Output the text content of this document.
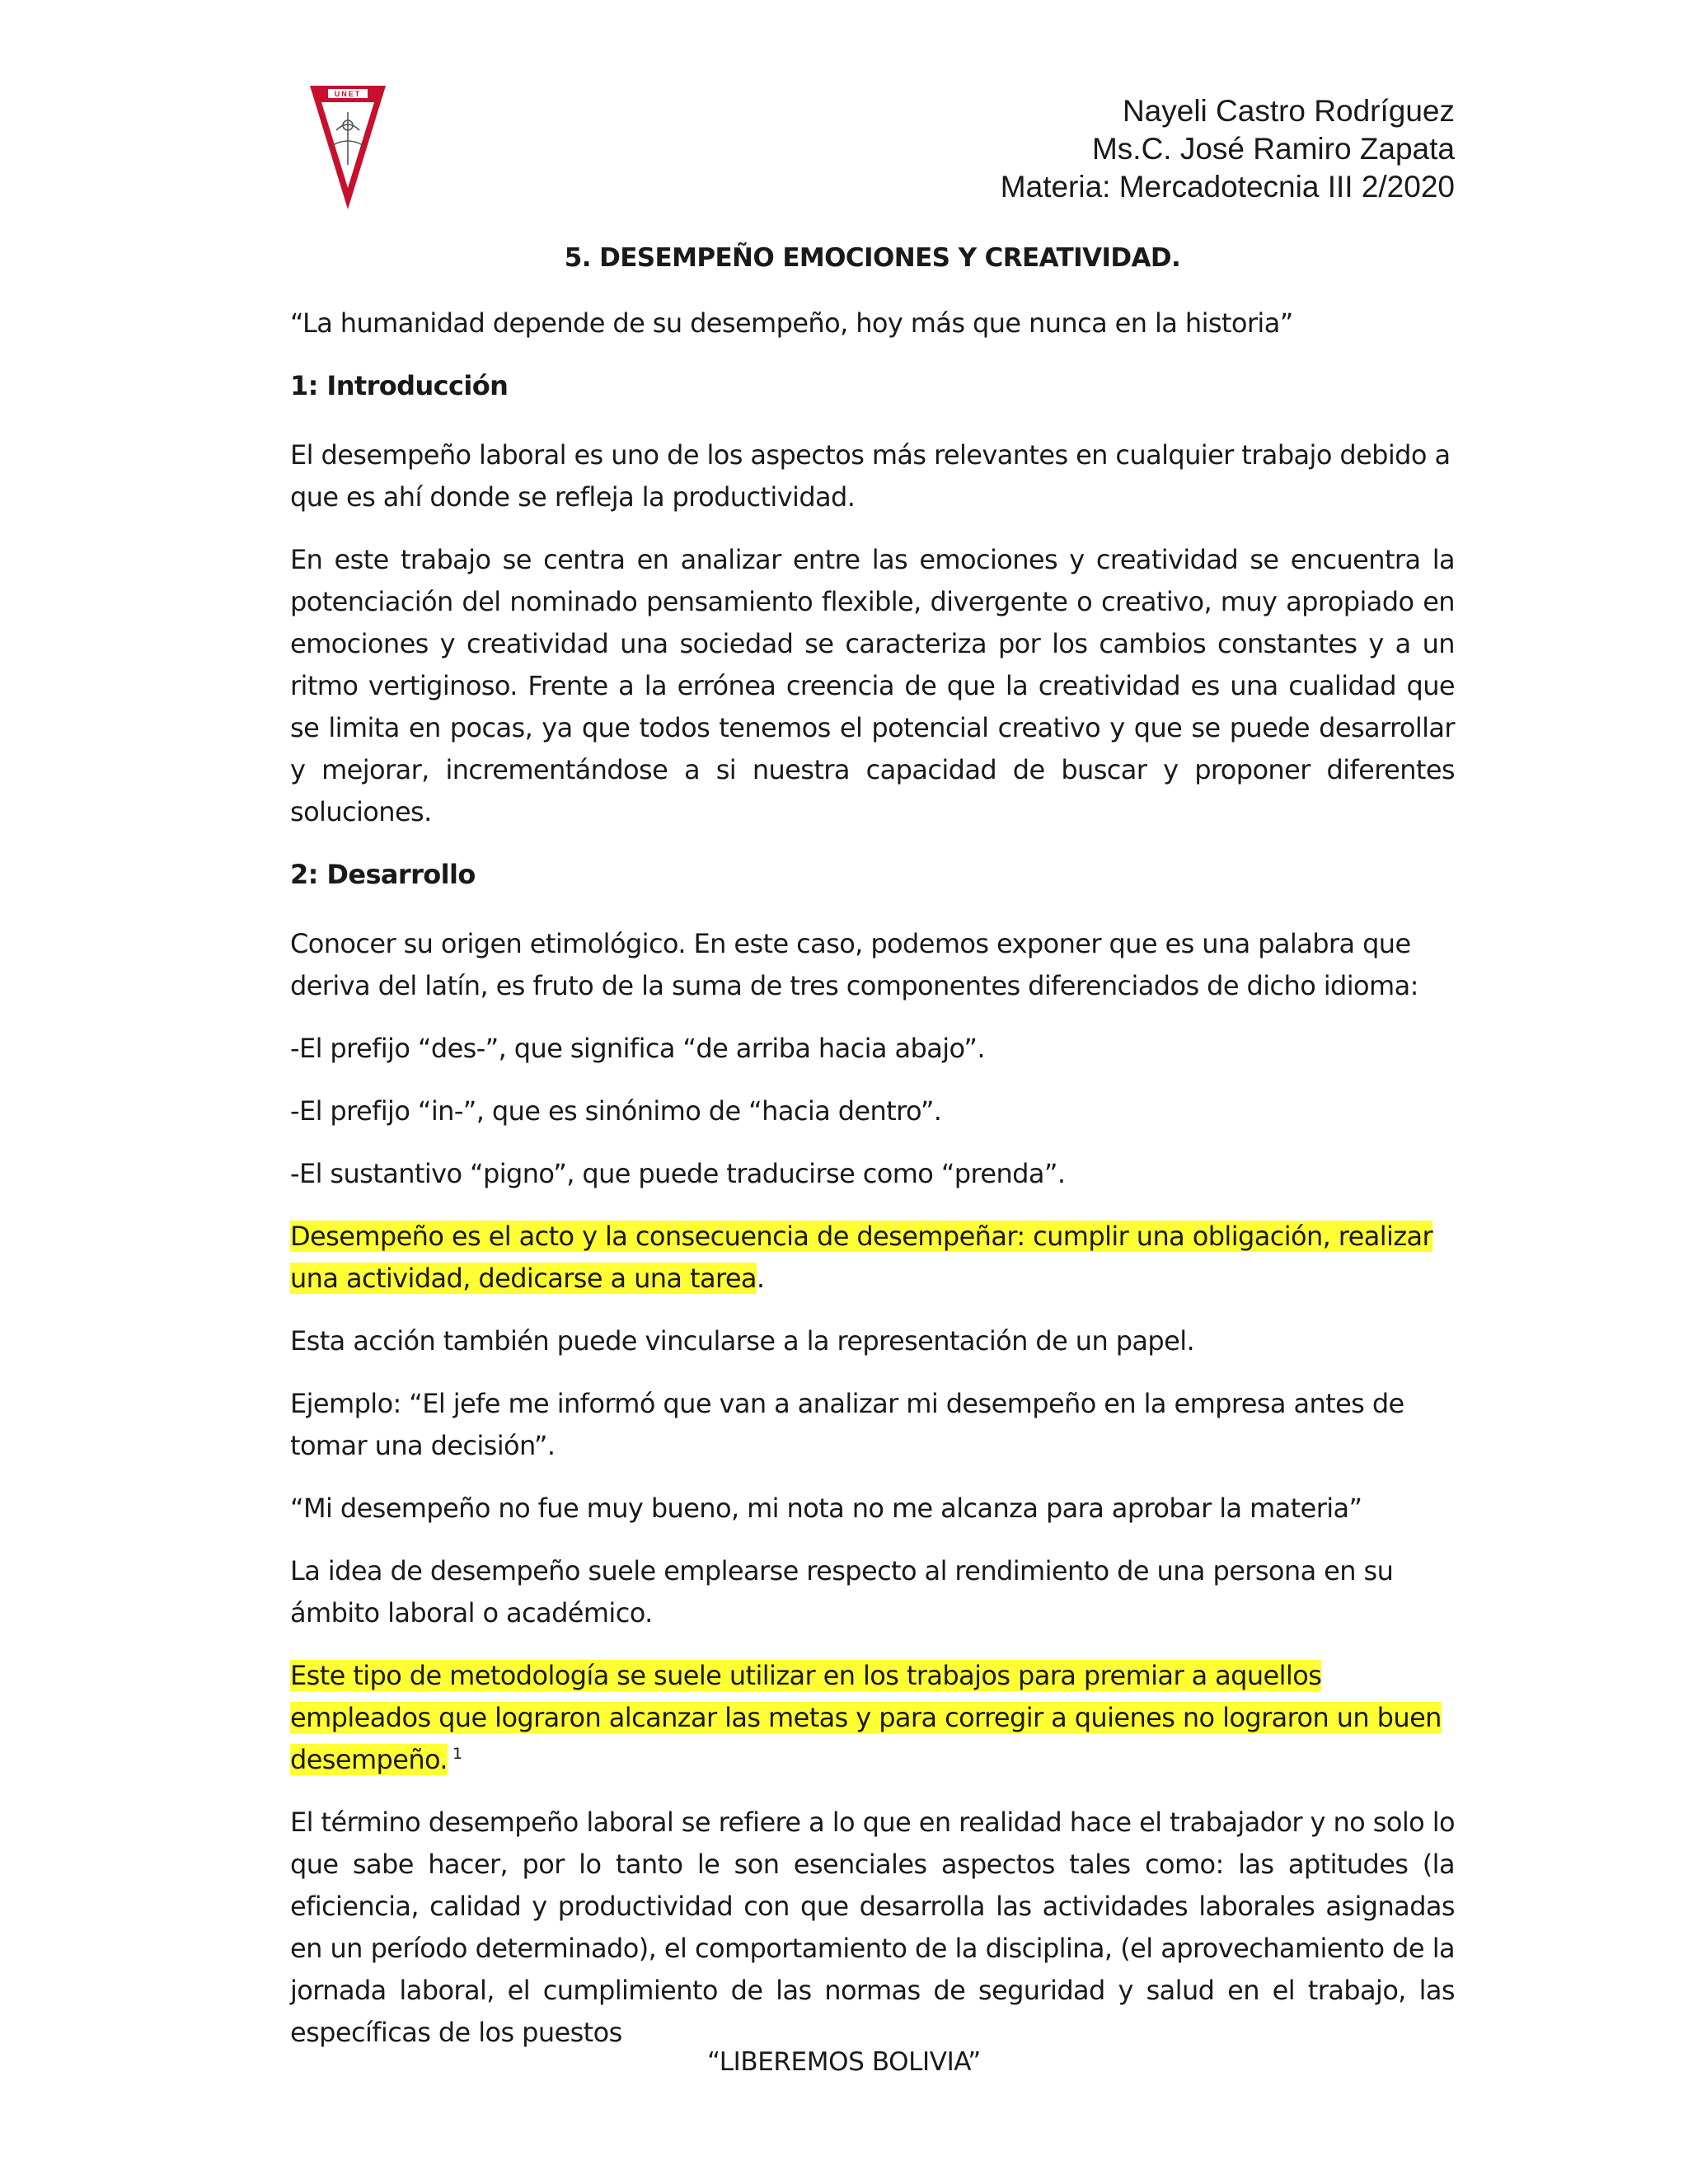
UNET	Nayeli Castro Rodríguez
Ms.C. José Ramiro Zapata
Materia: Mercadotecnia III 2/2020
5. DESEMPEÑO EMOCIONES Y CREATIVIDAD.
“La humanidad depende de su desempeño, hoy más que nunca en la historia”
1: Introducción
El desempeño laboral es uno de los aspectos más relevantes en cualquier trabajo debido a que es ahí donde se refleja la productividad.
En este trabajo se centra en analizar entre las emociones y creatividad se encuentra la potenciación del nominado pensamiento flexible, divergente o creativo, muy apropiado en emociones y creatividad una sociedad se caracteriza por los cambios constantes y a un ritmo vertiginoso. Frente a la errónea creencia de que la creatividad es una cualidad que se limita en pocas, ya que todos tenemos el potencial creativo y que se puede desarrollar y mejorar, incrementándose a si nuestra capacidad de buscar y proponer diferentes soluciones.
2: Desarrollo
Conocer su origen etimológico. En este caso, podemos exponer que es una palabra que deriva del latín, es fruto de la suma de tres componentes diferenciados de dicho idioma:
-El prefijo “des-”, que significa “de arriba hacia abajo”.
-El prefijo “in-”, que es sinónimo de “hacia dentro”.
-El sustantivo “pigno”, que puede traducirse como “prenda”.
Desempeño es el acto y la consecuencia de desempeñar: cumplir una obligación, realizar una actividad, dedicarse a una tarea.
Esta acción también puede vincularse a la representación de un papel.
Ejemplo: “El jefe me informó que van a analizar mi desempeño en la empresa antes de tomar una decisión”.
“Mi desempeño no fue muy bueno, mi nota no me alcanza para aprobar la materia”
La idea de desempeño suele emplearse respecto al rendimiento de una persona en su ámbito laboral o académico.
Este tipo de metodología se suele utilizar en los trabajos para premiar a aquellos empleados que lograron alcanzar las metas y para corregir a quienes no lograron un buen desempeño. $^1$
El término desempeño laboral se refiere a lo que en realidad hace el trabajador y no solo lo que sabe hacer, por lo tanto le son esenciales aspectos tales como: las aptitudes (la eficiencia, calidad y productividad con que desarrolla las actividades laborales asignadas en un período determinado), el comportamiento de la disciplina, (el aprovechamiento de la jornada laboral, el cumplimiento de las normas de seguridad y salud en el trabajo, las específicas de los puestos
“LIBEREMOS BOLIVIA”
